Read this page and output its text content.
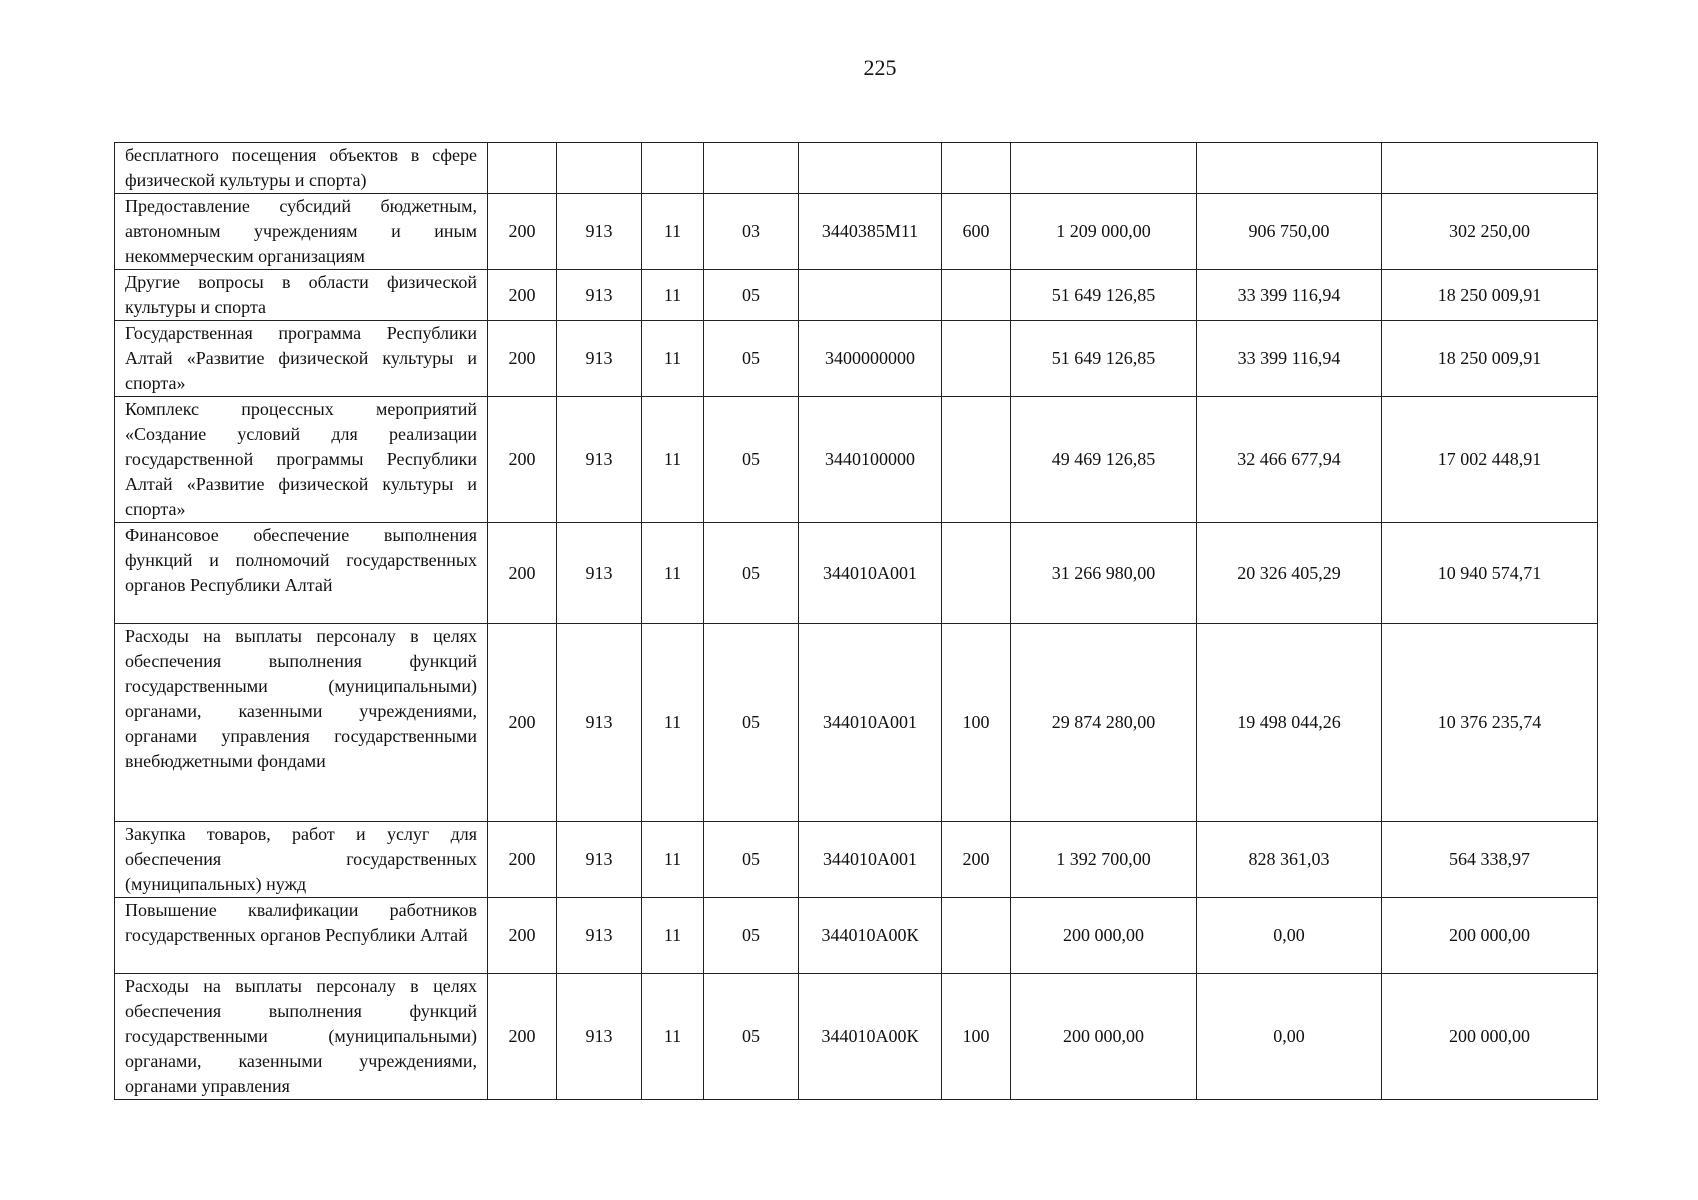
225
бесплатного посещения объектов в сфере физической культуры и спорта)									
Предоставление субсидий бюджетным, автономным учреждениям и иным некоммерческим организациям	200	913	11	03	3440385М11	600	1 209 000,00	906 750,00	302 250,00
Другие вопросы в области физической культуры и спорта	200	913	11	05			51 649 126,85	33 399 116,94	18 250 009,91
Государственная программа Республики Алтай «Развитие физической культуры и спорта»	200	913	11	05	3400000000		51 649 126,85	33 399 116,94	18 250 009,91
Комплекс процессных мероприятий «Создание условий для реализации государственной программы Республики Алтай «Развитие физической культуры и спорта»	200	913	11	05	3440100000		49 469 126,85	32 466 677,94	17 002 448,91
Финансовое обеспечение выполнения функций и полномочий государственных органов Республики Алтай	200	913	11	05	344010А001		31 266 980,00	20 326 405,29	10 940 574,71
Расходы на выплаты персоналу в целях обеспечения выполнения функций государственными (муниципальными) органами, казенными учреждениями, органами управления государственными внебюджетными фондами	200	913	11	05	344010А001	100	29 874 280,00	19 498 044,26	10 376 235,74
Закупка товаров, работ и услуг для обеспечения государственных (муниципальных) нужд	200	913	11	05	344010А001	200	1 392 700,00	828 361,03	564 338,97
Повышение квалификации работников государственных органов Республики Алтай	200	913	11	05	344010А00К		200 000,00	0,00	200 000,00
Расходы на выплаты персоналу в целях обеспечения выполнения функций государственными (муниципальными) органами, казенными учреждениями, органами управления	200	913	11	05	344010А00К	100	200 000,00	0,00	200 000,00
